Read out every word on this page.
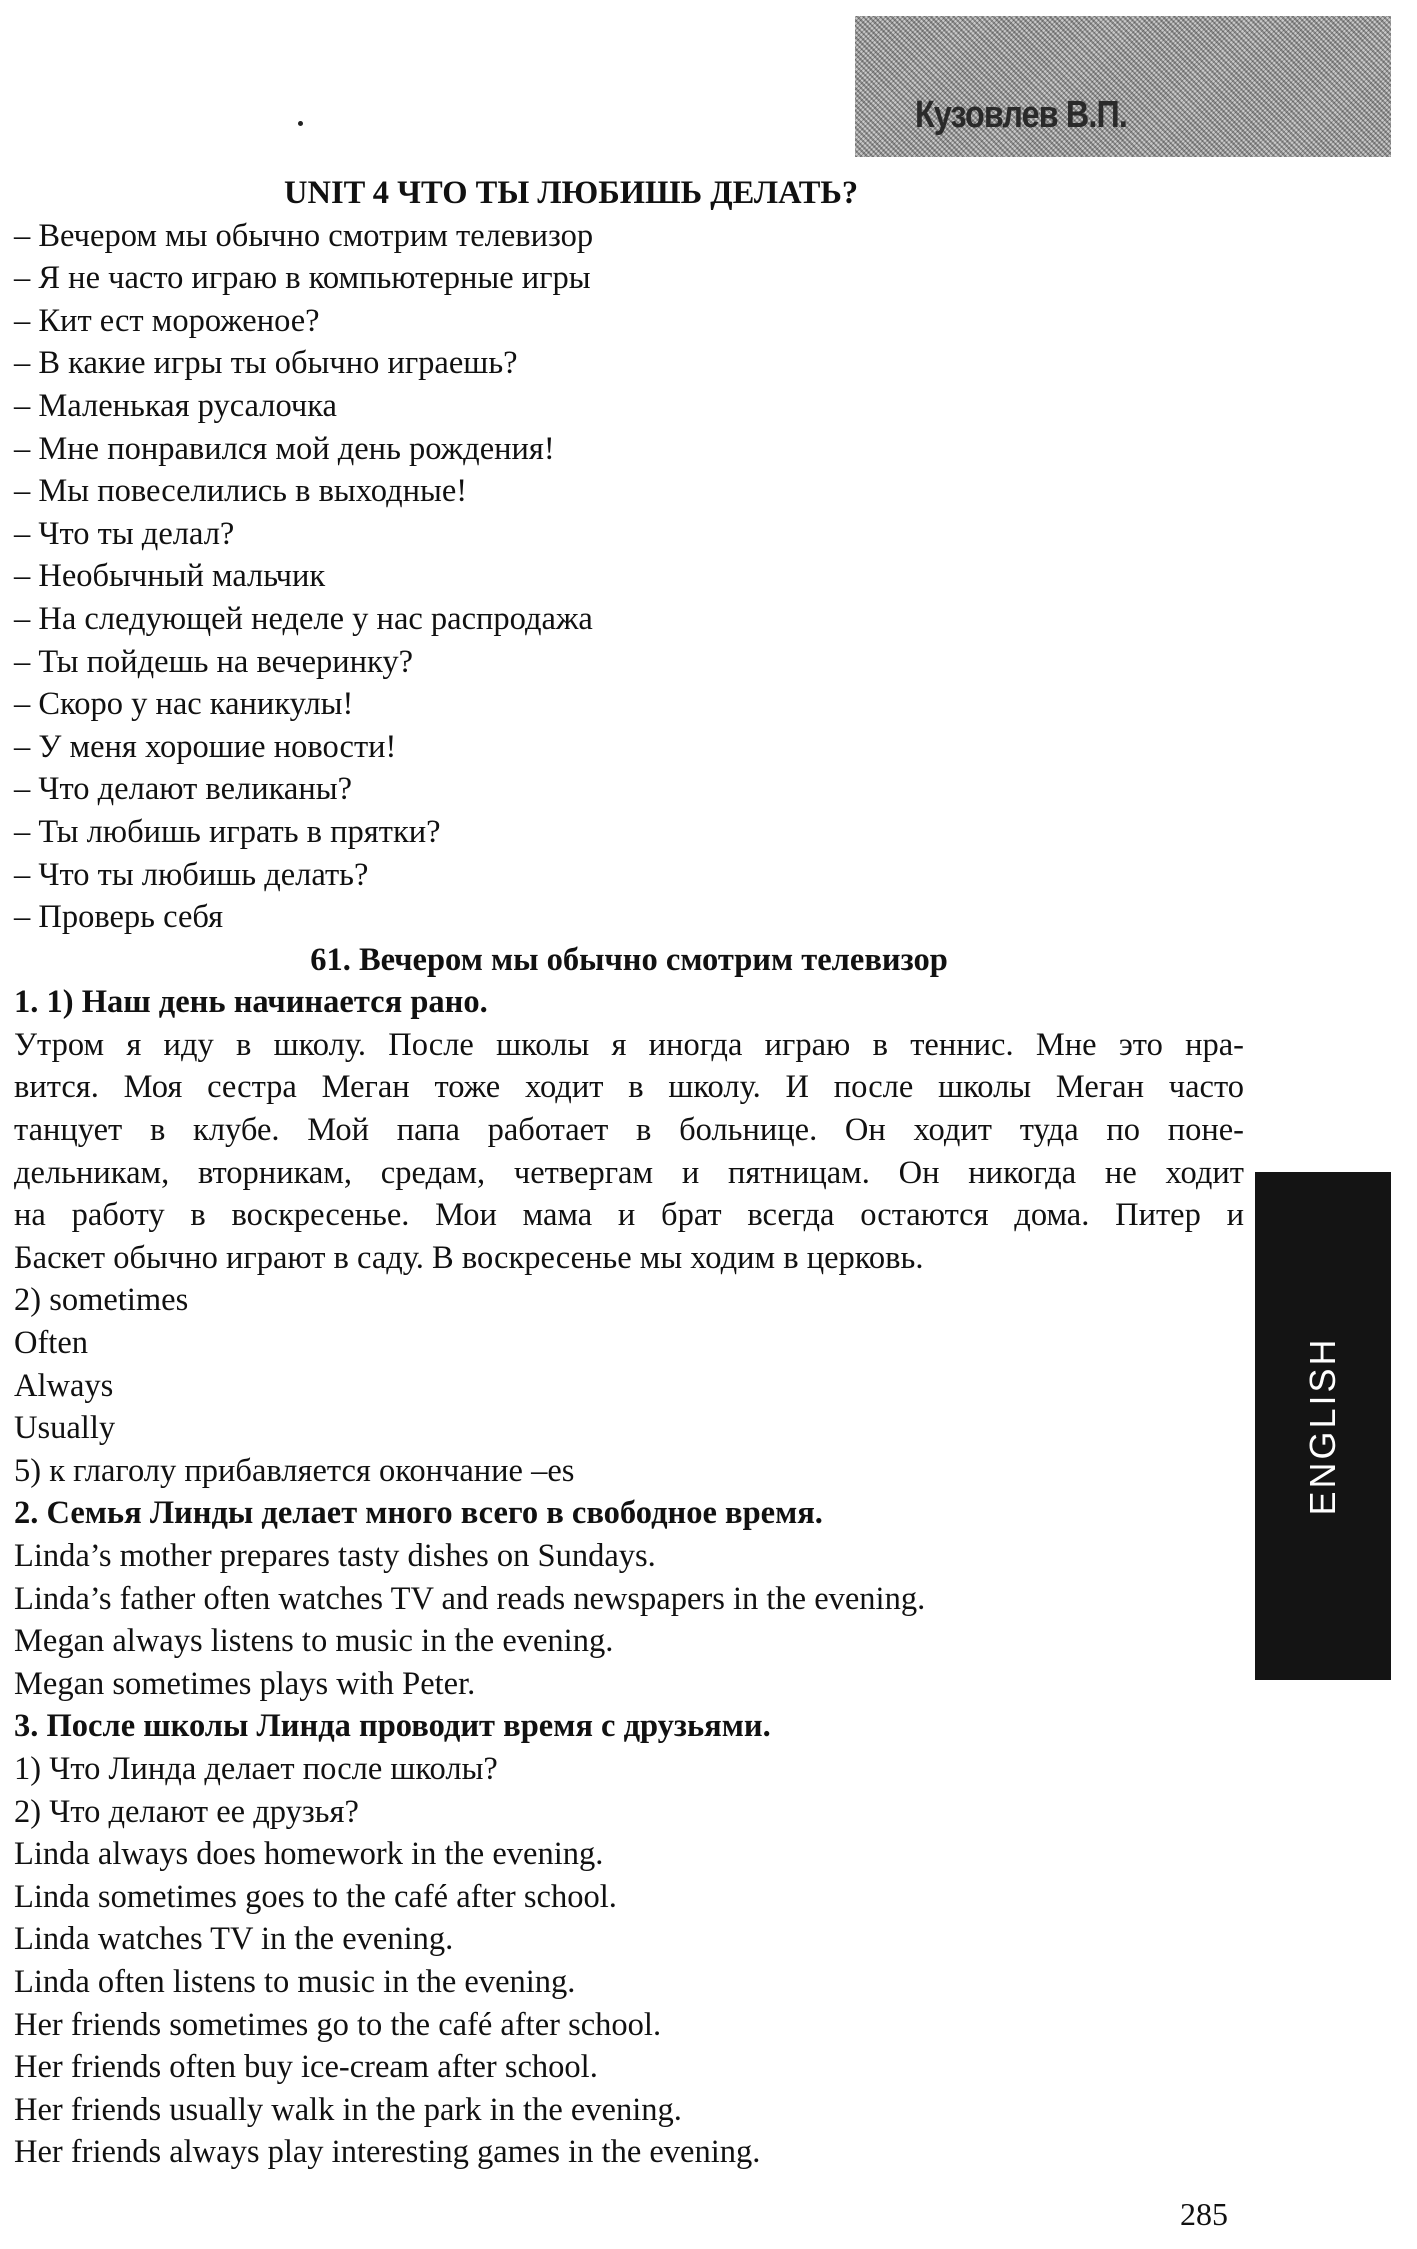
Кузовлев В.П.
UNIT 4 ЧТО ТЫ ЛЮБИШЬ ДЕЛАТЬ?
– Вечером мы обычно смотрим телевизор
– Я не часто играю в компьютерные игры
– Кит ест мороженое?
– В какие игры ты обычно играешь?
– Маленькая русалочка
– Мне понравился мой день рождения!
– Мы повеселились в выходные!
– Что ты делал?
– Необычный мальчик
– На следующей неделе у нас распродажа
– Ты пойдешь на вечеринку?
– Скоро у нас каникулы!
– У меня хорошие новости!
– Что делают великаны?
– Ты любишь играть в прятки?
– Что ты любишь делать?
– Проверь себя
61. Вечером мы обычно смотрим телевизор
1. 1) Наш день начинается рано.
Утром я иду в школу. После школы я иногда играю в теннис. Мне это нра-
вится. Моя сестра Меган тоже ходит в школу. И после школы Меган часто
танцует в клубе. Мой папа работает в больнице. Он ходит туда по поне-
дельникам, вторникам, средам, четвергам и пятницам. Он никогда не ходит
на работу в воскресенье. Мои мама и брат всегда остаются дома. Питер и
Баскет обычно играют в саду. В воскресенье мы ходим в церковь.
2) sometimes
Often
Always
Usually
5) к глаголу прибавляется окончание –es
2. Семья Линды делает много всего в свободное время.
Linda’s mother prepares tasty dishes on Sundays.
Linda’s father often watches TV and reads newspapers in the evening.
Megan always listens to music in the evening.
Megan sometimes plays with Peter.
3. После школы Линда проводит время с друзьями.
1) Что Линда делает после школы?
2) Что делают ее друзья?
Linda always does homework in the evening.
Linda sometimes goes to the café after school.
Linda watches TV in the evening.
Linda often listens to music in the evening.
Her friends sometimes go to the café after school.
Her friends often buy ice-cream after school.
Her friends usually walk in the park in the evening.
Her friends always play interesting games in the evening.
ENGLISH
285
